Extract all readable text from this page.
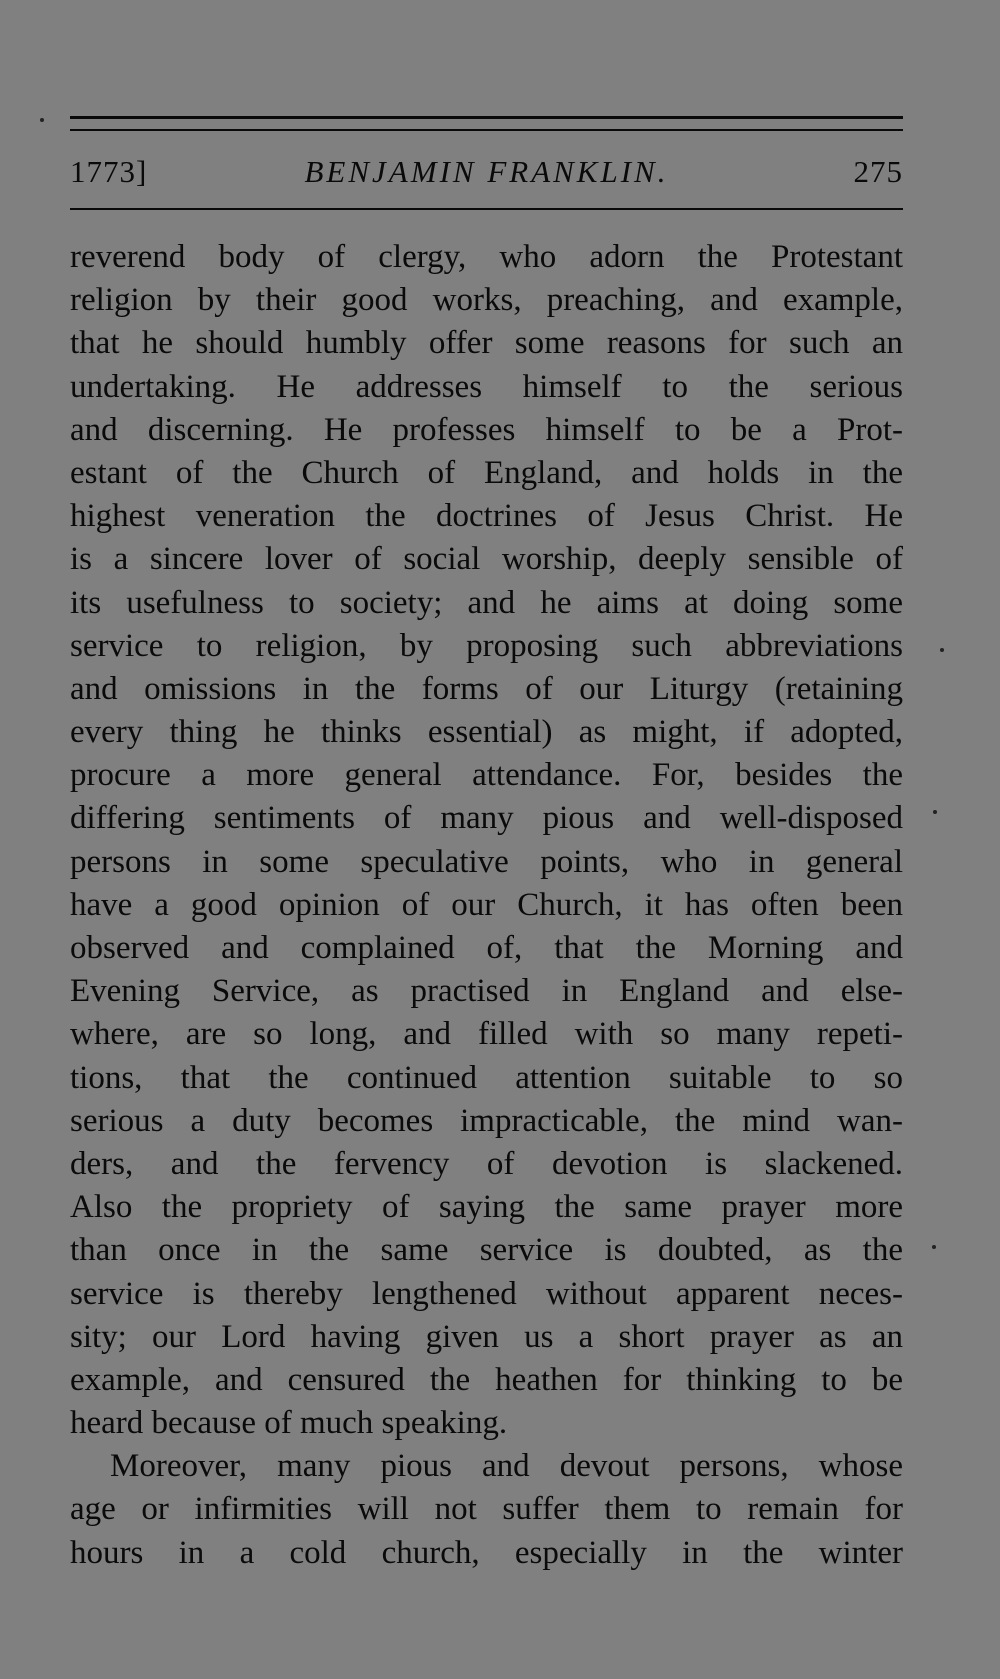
1773]	BENJAMIN FRANKLIN.	275
reverend body of clergy, who adorn the Protestant
religion by their good works, preaching, and example,
that he should humbly offer some reasons for such an
undertaking. He addresses himself to the serious
and discerning. He professes himself to be a Prot-
estant of the Church of England, and holds in the
highest veneration the doctrines of Jesus Christ. He
is a sincere lover of social worship, deeply sensible of
its usefulness to society; and he aims at doing some
service to religion, by proposing such abbreviations
and omissions in the forms of our Liturgy (retaining
every thing he thinks essential) as might, if adopted,
procure a more general attendance. For, besides the
differing sentiments of many pious and well-disposed
persons in some speculative points, who in general
have a good opinion of our Church, it has often been
observed and complained of, that the Morning and
Evening Service, as practised in England and else-
where, are so long, and filled with so many repeti-
tions, that the continued attention suitable to so
serious a duty becomes impracticable, the mind wan-
ders, and the fervency of devotion is slackened.
Also the propriety of saying the same prayer more
than once in the same service is doubted, as the
service is thereby lengthened without apparent neces-
sity; our Lord having given us a short prayer as an
example, and censured the heathen for thinking to be
heard because of much speaking.
Moreover, many pious and devout persons, whose
age or infirmities will not suffer them to remain for
hours in a cold church, especially in the winter
